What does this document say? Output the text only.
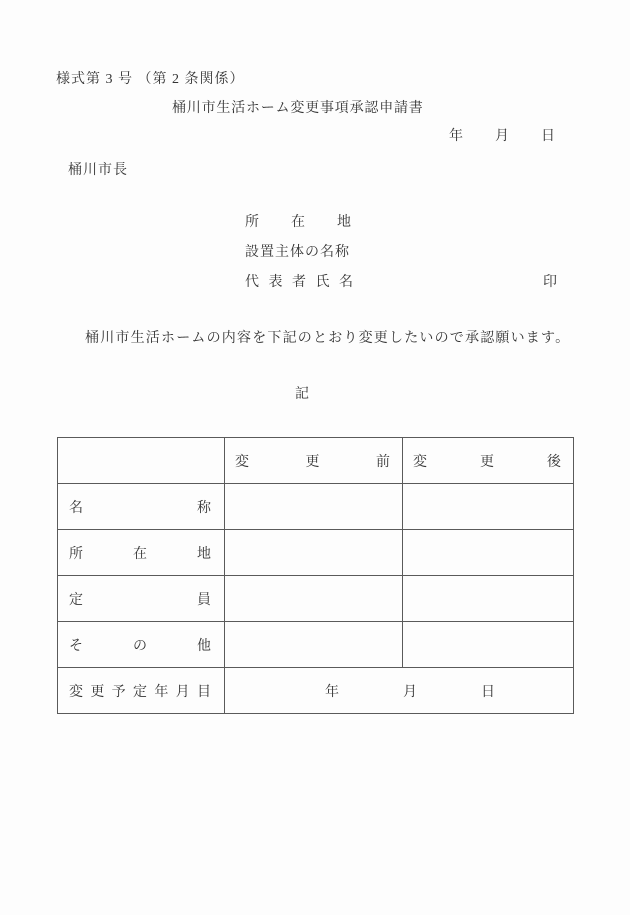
様式第 3 号 （第 2 条関係）
桶川市生活ホーム変更事項承認申請書
年 月 日
桶川市長
所 在 地
設置主体の名称
代 表 者 氏 名	印
桶川市生活ホームの内容を下記のとおり変更したいので承認願います。
記

	変 更 前	変 更 後

名 称		

所 在 地		

定 員		

そ の 他		

変 更 予 定 年 月 目	年	月	日
